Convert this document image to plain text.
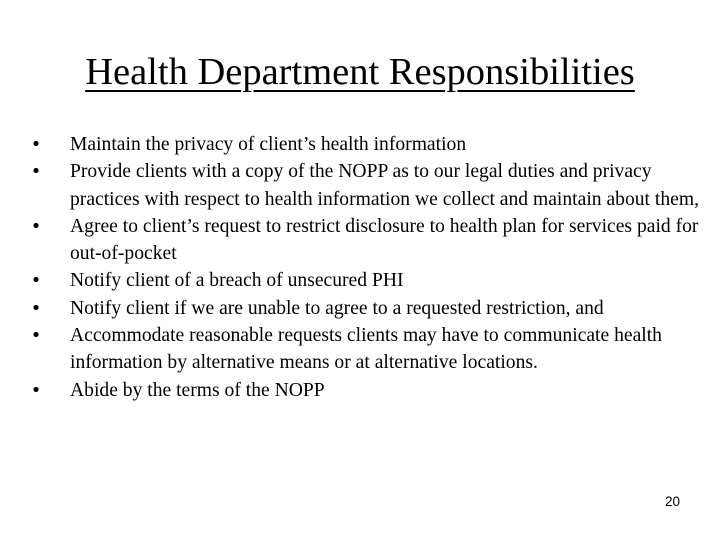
Health Department Responsibilities
• Maintain the privacy of client’s health information
• Provide clients with a copy of the NOPP as to our legal duties and privacy practices with respect to health information we collect and maintain about them,
• Agree to client’s request to restrict disclosure to health plan for services paid for out-of-pocket
• Notify client of a breach of unsecured PHI
• Notify client if we are unable to agree to a requested restriction, and
• Accommodate reasonable requests clients may have to communicate health information by alternative means or at alternative locations.
• Abide by the terms of the NOPP
20
